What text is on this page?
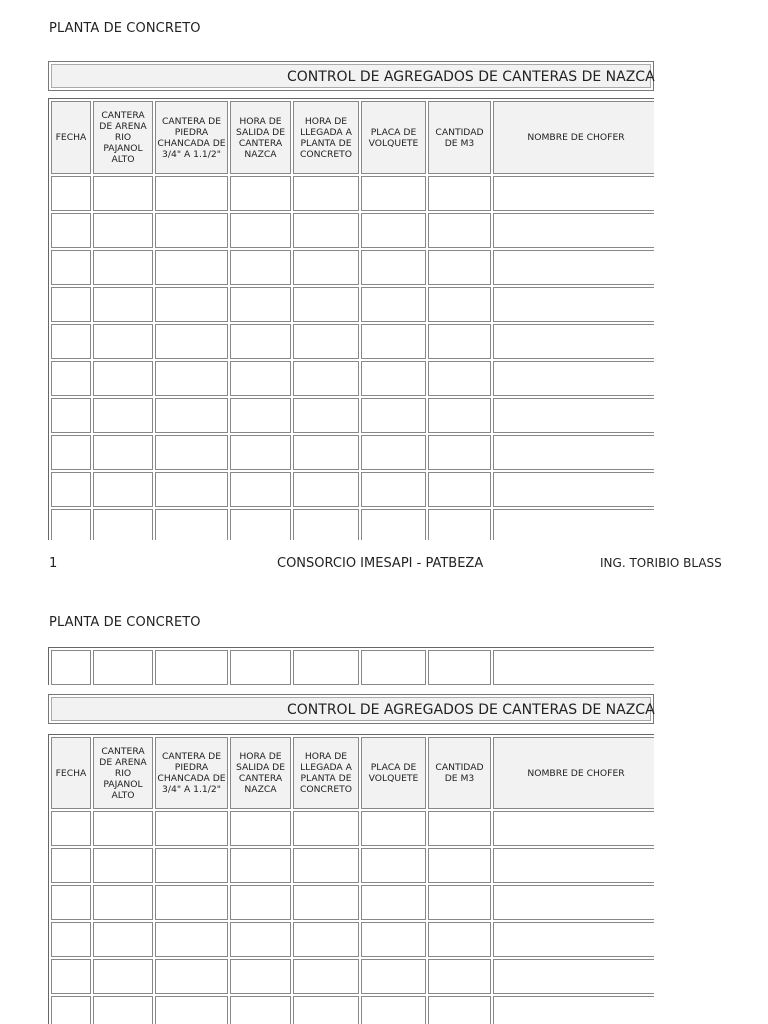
PLANTA DE CONCRETO
CONTROL DE AGREGADOS DE CANTERAS DE NAZCA
FECHA	CANTERA DE ARENA RIO PAJANOL ALTO	CANTERA DE PIEDRA CHANCADA DE 3/4" A 1.1/2"	HORA DE SALIDA DE CANTERA NAZCA	HORA DE LLEGADA A PLANTA DE CONCRETO	PLACA DE VOLQUETE	CANTIDAD DE M3	NOMBRE DE CHOFER

1	CONSORCIO IMESAPI - PATBEZA	ING. TORIBIO BLASS
PLANTA DE CONCRETO

CONTROL DE AGREGADOS DE CANTERAS DE NAZCA
FECHA	CANTERA DE ARENA RIO PAJANOL ALTO	CANTERA DE PIEDRA CHANCADA DE 3/4" A 1.1/2"	HORA DE SALIDA DE CANTERA NAZCA	HORA DE LLEGADA A PLANTA DE CONCRETO	PLACA DE VOLQUETE	CANTIDAD DE M3	NOMBRE DE CHOFER
